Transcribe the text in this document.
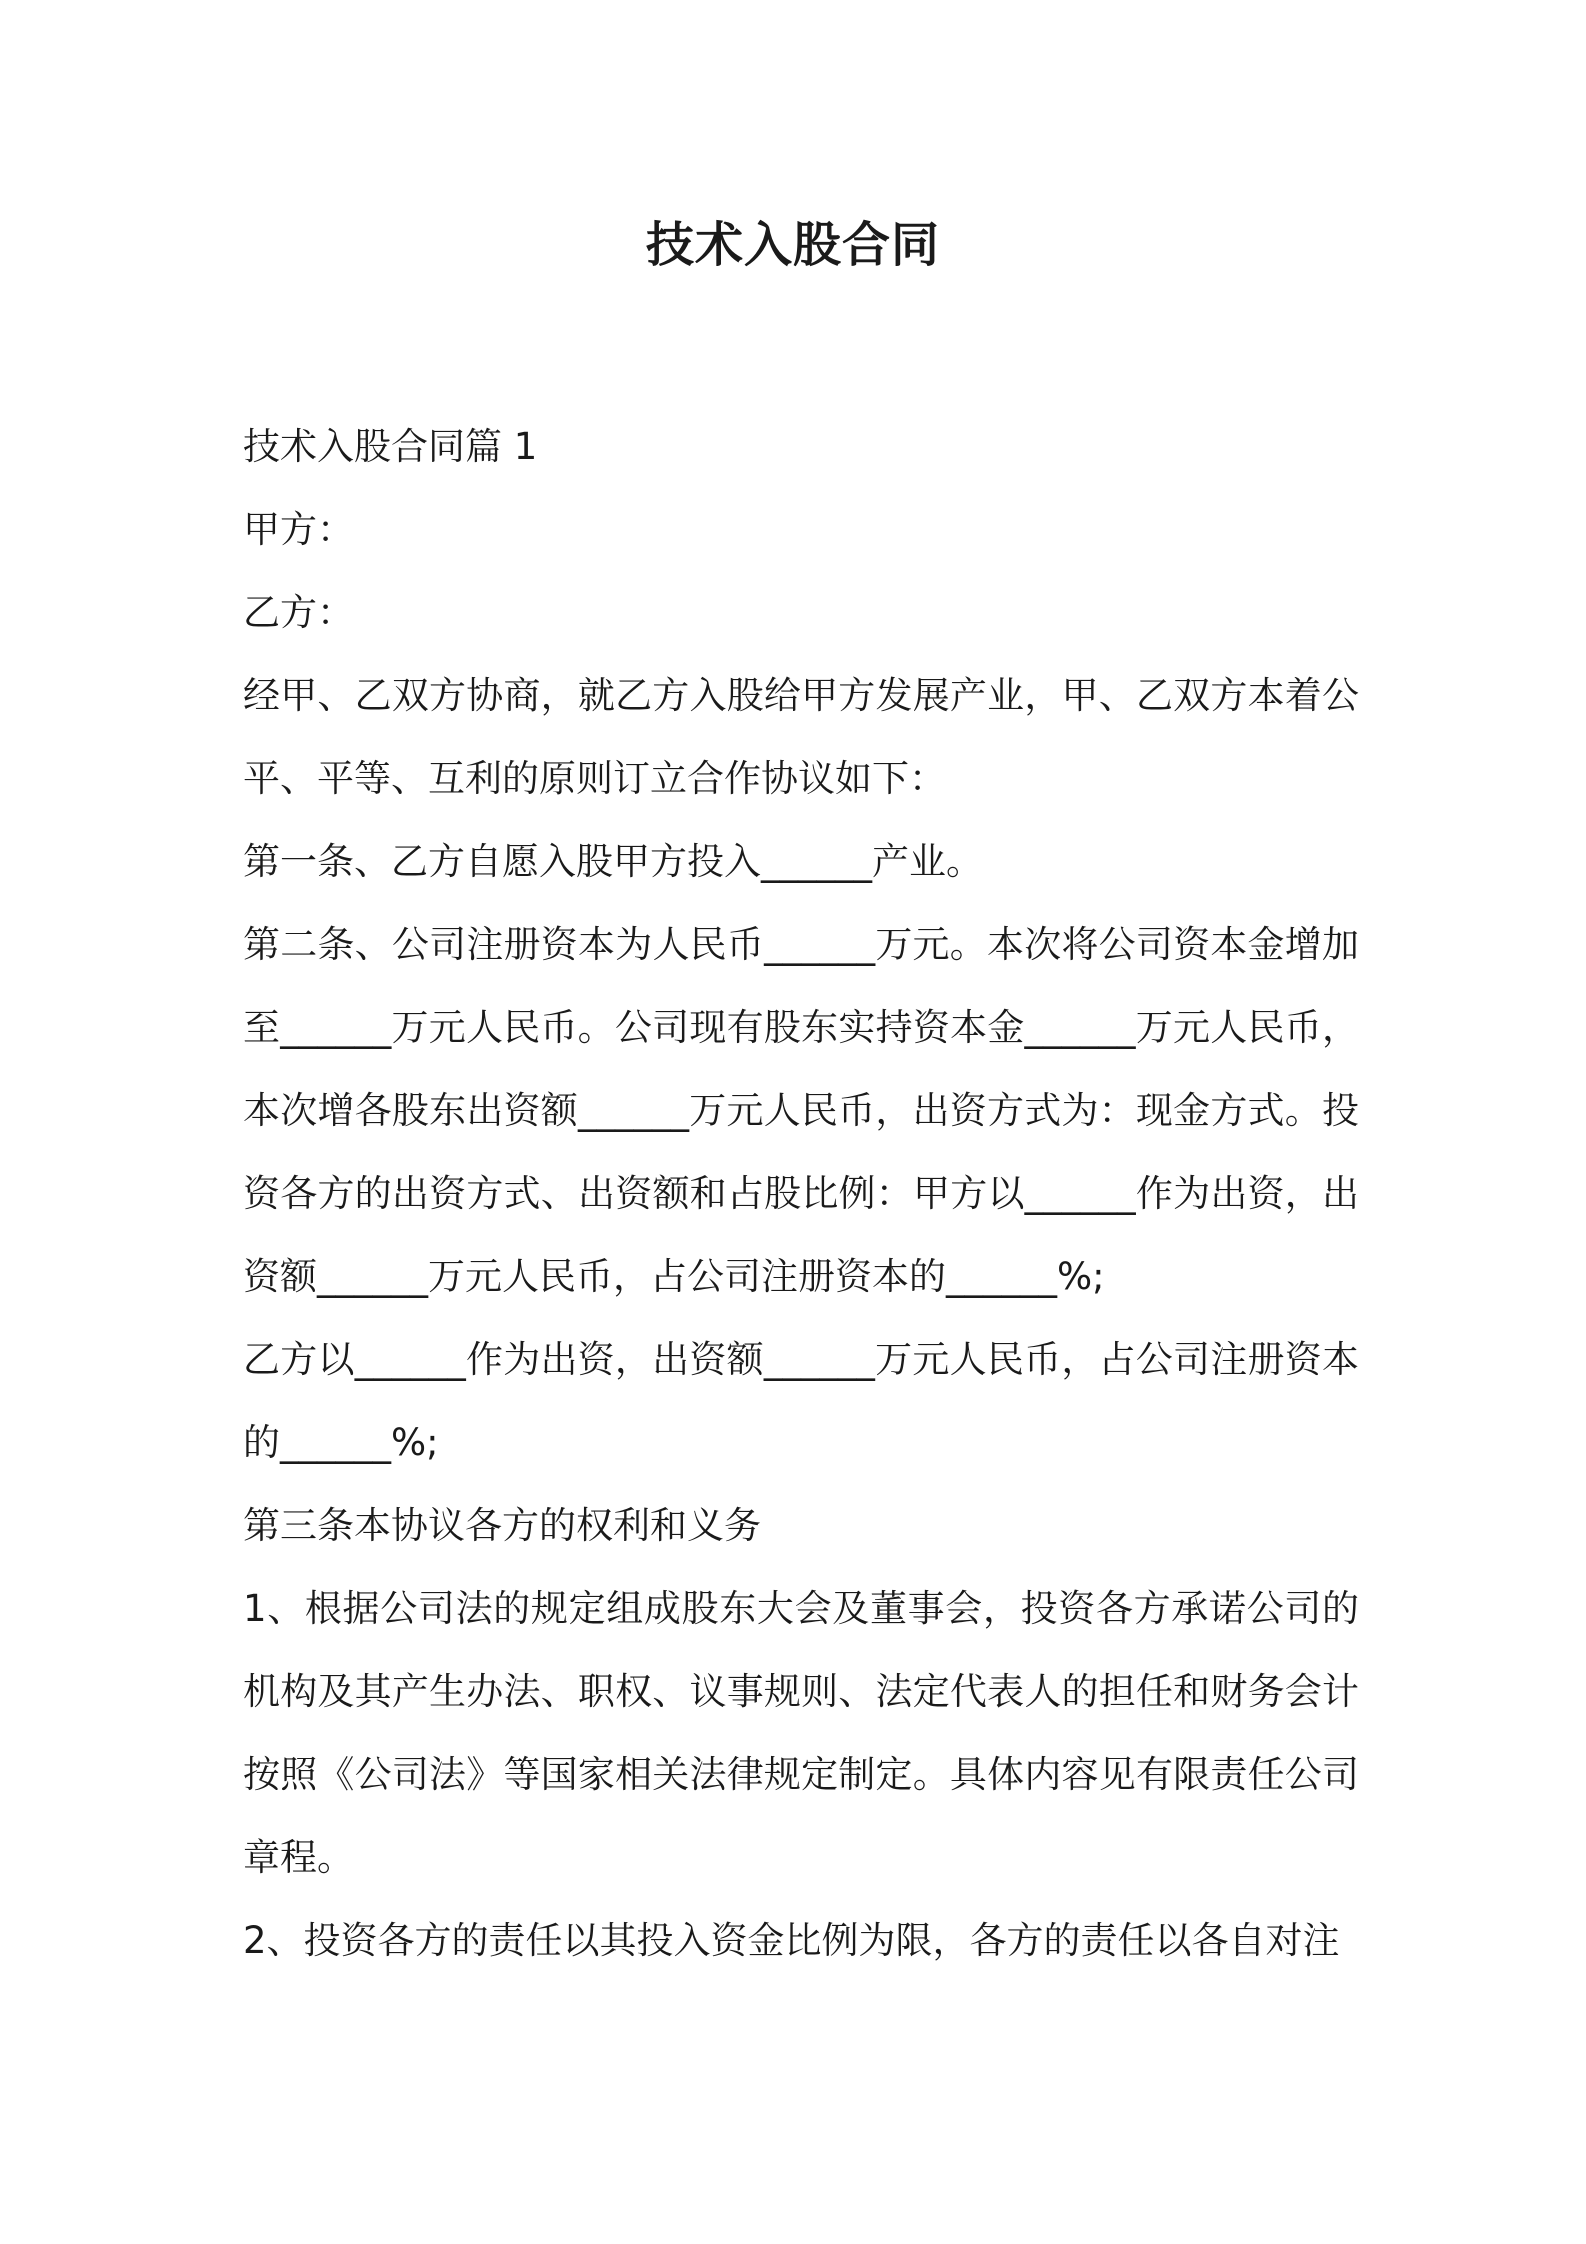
技术入股合同

技术入股合同篇 1

甲方：

乙方：

经甲、乙双方协商，就乙方入股给甲方发展产业，甲、乙双方本着公平、平等、互利的原则订立合作协议如下：

第一条、乙方自愿入股甲方投入______产业。

第二条、公司注册资本为人民币______万元。本次将公司资本金增加至______万元人民币。公司现有股东实持资本金______万元人民币，本次增各股东出资额______万元人民币，出资方式为：现金方式。投资各方的出资方式、出资额和占股比例：甲方以______作为出资，出资额______万元人民币，占公司注册资本的______%;

乙方以______作为出资，出资额______万元人民币，占公司注册资本的______%;

第三条本协议各方的权利和义务

1、根据公司法的规定组成股东大会及董事会，投资各方承诺公司的机构及其产生办法、职权、议事规则、法定代表人的担任和财务会计按照《公司法》等国家相关法律规定制定。具体内容见有限责任公司章程。

2、投资各方的责任以其投入资金比例为限，各方的责任以各自对注
